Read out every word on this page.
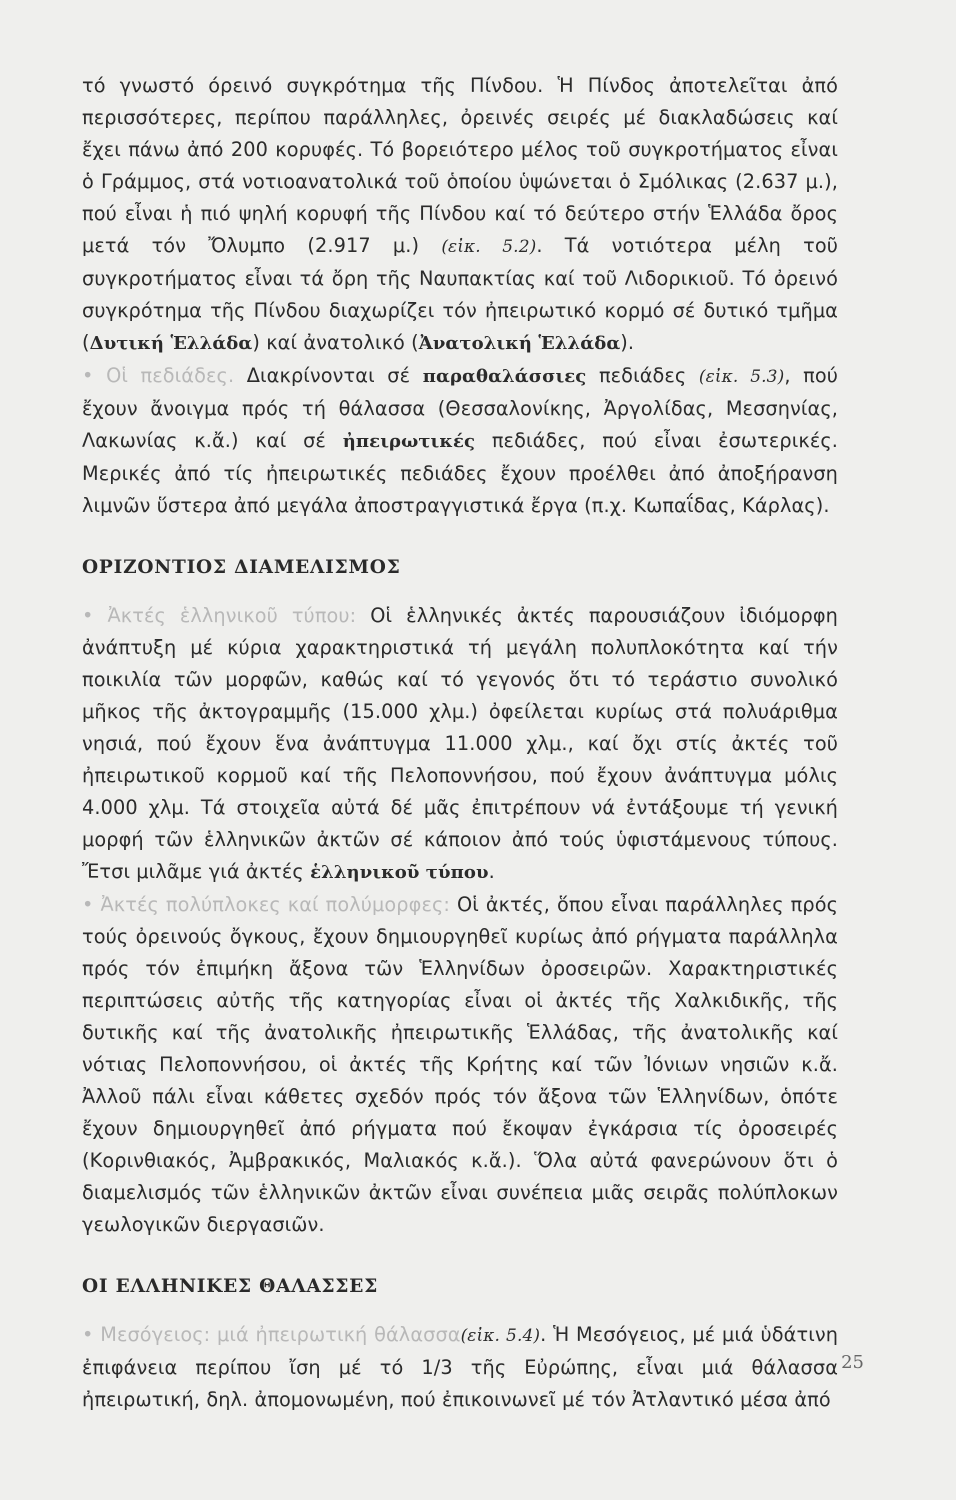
τό γνωστό όρεινό συγκρότημα τῆς Πίνδου. Ἡ Πίνδος ἀποτελεῖται ἀπό περισσότερες, περίπου παράλληλες, ὀρεινές σειρές μέ διακλαδώσεις καί ἔχει πάνω ἀπό 200 κορυφές. Τό βορειότερο μέλος τοῦ συγκροτήματος εἶναι ὁ Γράμμος, στά νοτιοανατολικά τοῦ ὁποίου ὑψώνεται ὁ Σμόλικας (2.637 μ.), πού εἶναι ἡ πιό ψηλή κορυφή τῆς Πίνδου καί τό δεύτερο στήν Ἑλλάδα ὄρος μετά τόν Ὄλυμπο (2.917 μ.) (εἰκ. 5.2). Τά νοτιότερα μέλη τοῦ συγκροτήματος εἶναι τά ὄρη τῆς Ναυπακτίας καί τοῦ Λιδορικιοῦ. Τό ὀρεινό συγκρότημα τῆς Πίνδου διαχωρίζει τόν ἠπειρωτικό κορμό σέ δυτικό τμῆμα (Δυτική Ἑλλάδα) καί ἀνατολικό (Ἀνατολική Ἑλλάδα).

• Οἱ πεδιάδες. Διακρίνονται σέ παραθαλάσσιες πεδιάδες (εἰκ. 5.3), πού ἔχουν ἄνοιγμα πρός τή θάλασσα (Θεσσαλονίκης, Ἀργολίδας, Μεσσηνίας, Λακωνίας κ.ἄ.) καί σέ ἠπειρωτικές πεδιάδες, πού εἶναι ἐσωτερικές. Μερικές ἀπό τίς ἠπειρωτικές πεδιάδες ἔχουν προέλθει ἀπό ἀποξήρανση λιμνῶν ὕστερα ἀπό μεγάλα ἀποστραγγιστικά ἔργα (π.χ. Κωπαΐδας, Κάρλας).

ΟΡΙΖΟΝΤΙΟΣ ΔΙΑΜΕΛΙΣΜΟΣ

• Ἀκτές ἑλληνικοῦ τύπου: Οἱ ἑλληνικές ἀκτές παρουσιάζουν ἰδιόμορφη ἀνάπτυξη μέ κύρια χαρακτηριστικά τή μεγάλη πολυπλοκότητα καί τήν ποικιλία τῶν μορφῶν, καθώς καί τό γεγονός ὅτι τό τεράστιο συνολικό μῆκος τῆς ἀκτογραμμῆς (15.000 χλμ.) ὀφείλεται κυρίως στά πολυάριθμα νησιά, πού ἔχουν ἕνα ἀνάπτυγμα 11.000 χλμ., καί ὄχι στίς ἀκτές τοῦ ἠπειρωτικοῦ κορμοῦ καί τῆς Πελοποννήσου, πού ἔχουν ἀνάπτυγμα μόλις 4.000 χλμ. Τά στοιχεῖα αὐτά δέ μᾶς ἐπιτρέπουν νά ἐντάξουμε τή γενική μορφή τῶν ἑλληνικῶν ἀκτῶν σέ κάποιον ἀπό τούς ὑφιστάμενους τύπους. Ἔτσι μιλᾶμε γιά ἀκτές ἑλληνικοῦ τύπου.

• Ἀκτές πολύπλοκες καί πολύμορφες: Οἱ ἀκτές, ὅπου εἶναι παράλληλες πρός τούς ὀρεινούς ὄγκους, ἔχουν δημιουργηθεῖ κυρίως ἀπό ρήγματα παράλληλα πρός τόν ἐπιμήκη ἄξονα τῶν Ἑλληνίδων ὀροσειρῶν. Χαρακτηριστικές περιπτώσεις αὐτῆς τῆς κατηγορίας εἶναι οἱ ἀκτές τῆς Χαλκιδικῆς, τῆς δυτικῆς καί τῆς ἀνατολικῆς ἠπειρωτικῆς Ἑλλάδας, τῆς ἀνατολικῆς καί νότιας Πελοποννήσου, οἱ ἀκτές τῆς Κρήτης καί τῶν Ἰόνιων νησιῶν κ.ἄ. Ἀλλοῦ πάλι εἶναι κάθετες σχεδόν πρός τόν ἄξονα τῶν Ἑλληνίδων, ὁπότε ἔχουν δημιουργηθεῖ ἀπό ρήγματα πού ἔκοψαν ἐγκάρσια τίς ὀροσειρές (Κορινθιακός, Ἀμβρακικός, Μαλιακός κ.ἄ.). Ὅλα αὐτά φανερώνουν ὅτι ὁ διαμελισμός τῶν ἑλληνικῶν ἀκτῶν εἶναι συνέπεια μιᾶς σειρᾶς πολύπλοκων γεωλογικῶν διεργασιῶν.

ΟΙ ΕΛΛΗΝΙΚΕΣ ΘΑΛΑΣΣΕΣ

• Μεσόγειος: μιά ἠπειρωτική θάλασσα(εἰκ. 5.4). Ἡ Μεσόγειος, μέ μιά ὑδάτινη ἐπιφάνεια περίπου ἴση μέ τό 1/3 τῆς Εὐρώπης, εἶναι μιά θάλασσα ἠπειρωτική, δηλ. ἀπομονωμένη, πού ἐπικοινωνεῖ μέ τόν Ἀτλαντικό μέσα ἀπό

25
